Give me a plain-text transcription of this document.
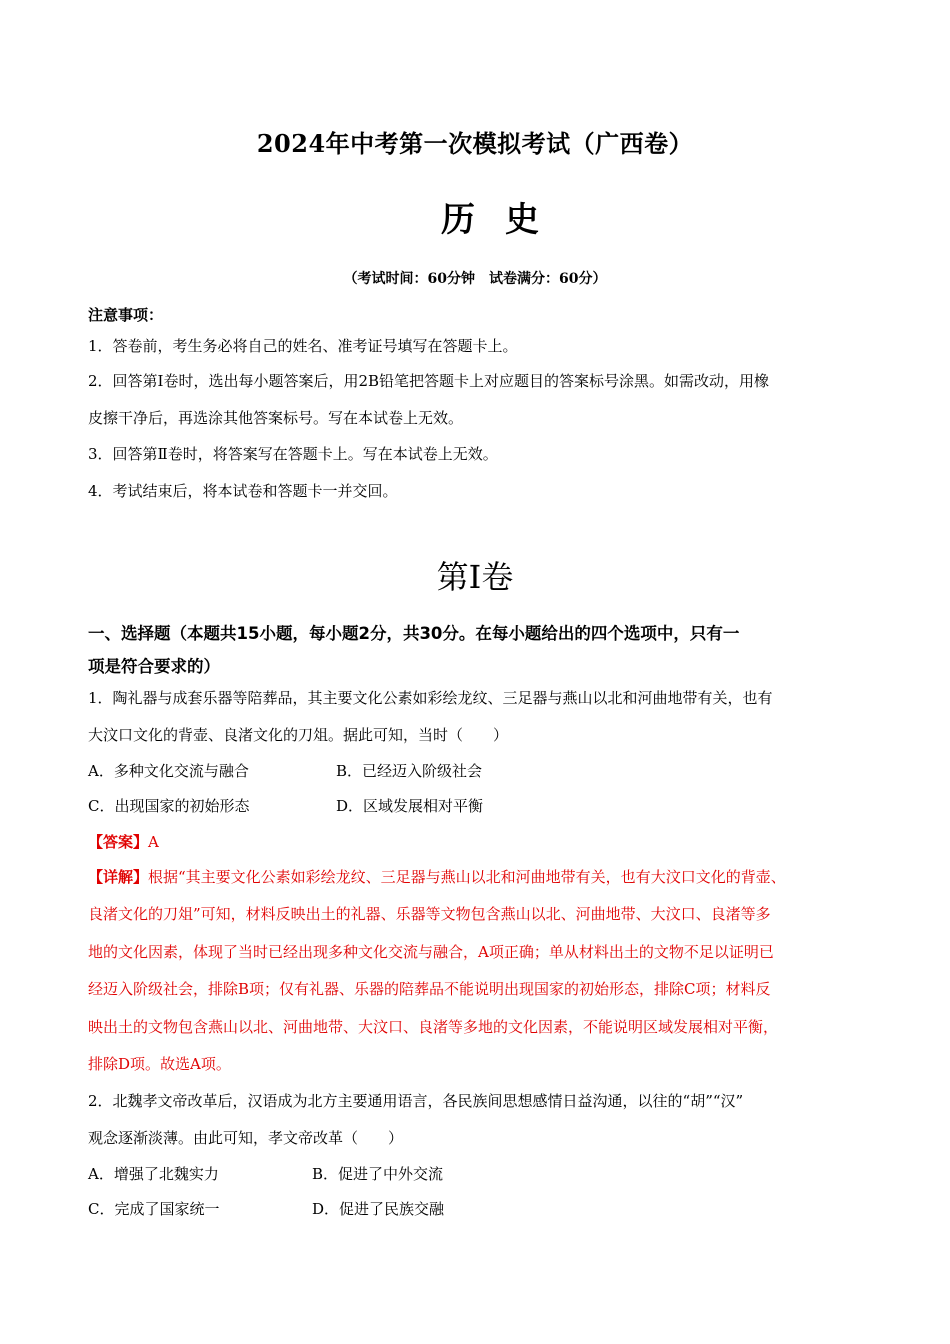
2024年中考第一次模拟考试（广西卷）
历史
（考试时间：60分钟　试卷满分：60分）
注意事项：
1．答卷前，考生务必将自己的姓名、准考证号填写在答题卡上。
2．回答第Ⅰ卷时，选出每小题答案后，用2B铅笔把答题卡上对应题目的答案标号涂黑。如需改动，用橡
皮擦干净后，再选涂其他答案标号。写在本试卷上无效。
3．回答第Ⅱ卷时，将答案写在答题卡上。写在本试卷上无效。
4．考试结束后，将本试卷和答题卡一并交回。
第Ⅰ卷
一、选择题（本题共15小题，每小题2分，共30分。在每小题给出的四个选项中，只有一
项是符合要求的）
1．陶礼器与成套乐器等陪葬品，其主要文化公素如彩绘龙纹、三足器与燕山以北和河曲地带有关，也有
大汶口文化的背壶、良渚文化的刀俎。据此可知，当时（　　）
A．多种文化交流与融合	B．已经迈入阶级社会
C．出现国家的初始形态	D．区域发展相对平衡
【答案】A
【详解】根据“其主要文化公素如彩绘龙纹、三足器与燕山以北和河曲地带有关，也有大汶口文化的背壶、
良渚文化的刀俎”可知，材料反映出土的礼器、乐器等文物包含燕山以北、河曲地带、大汶口、良渚等多
地的文化因素，体现了当时已经出现多种文化交流与融合，A项正确；单从材料出土的文物不足以证明已
经迈入阶级社会，排除B项；仅有礼器、乐器的陪葬品不能说明出现国家的初始形态，排除C项；材料反
映出土的文物包含燕山以北、河曲地带、大汶口、良渚等多地的文化因素，不能说明区域发展相对平衡，
排除D项。故选A项。
2．北魏孝文帝改革后，汉语成为北方主要通用语言，各民族间思想感情日益沟通，以往的“胡”“汉”
观念逐渐淡薄。由此可知，孝文帝改革（　　）
A．增强了北魏实力	B．促进了中外交流
C．完成了国家统一	D．促进了民族交融
